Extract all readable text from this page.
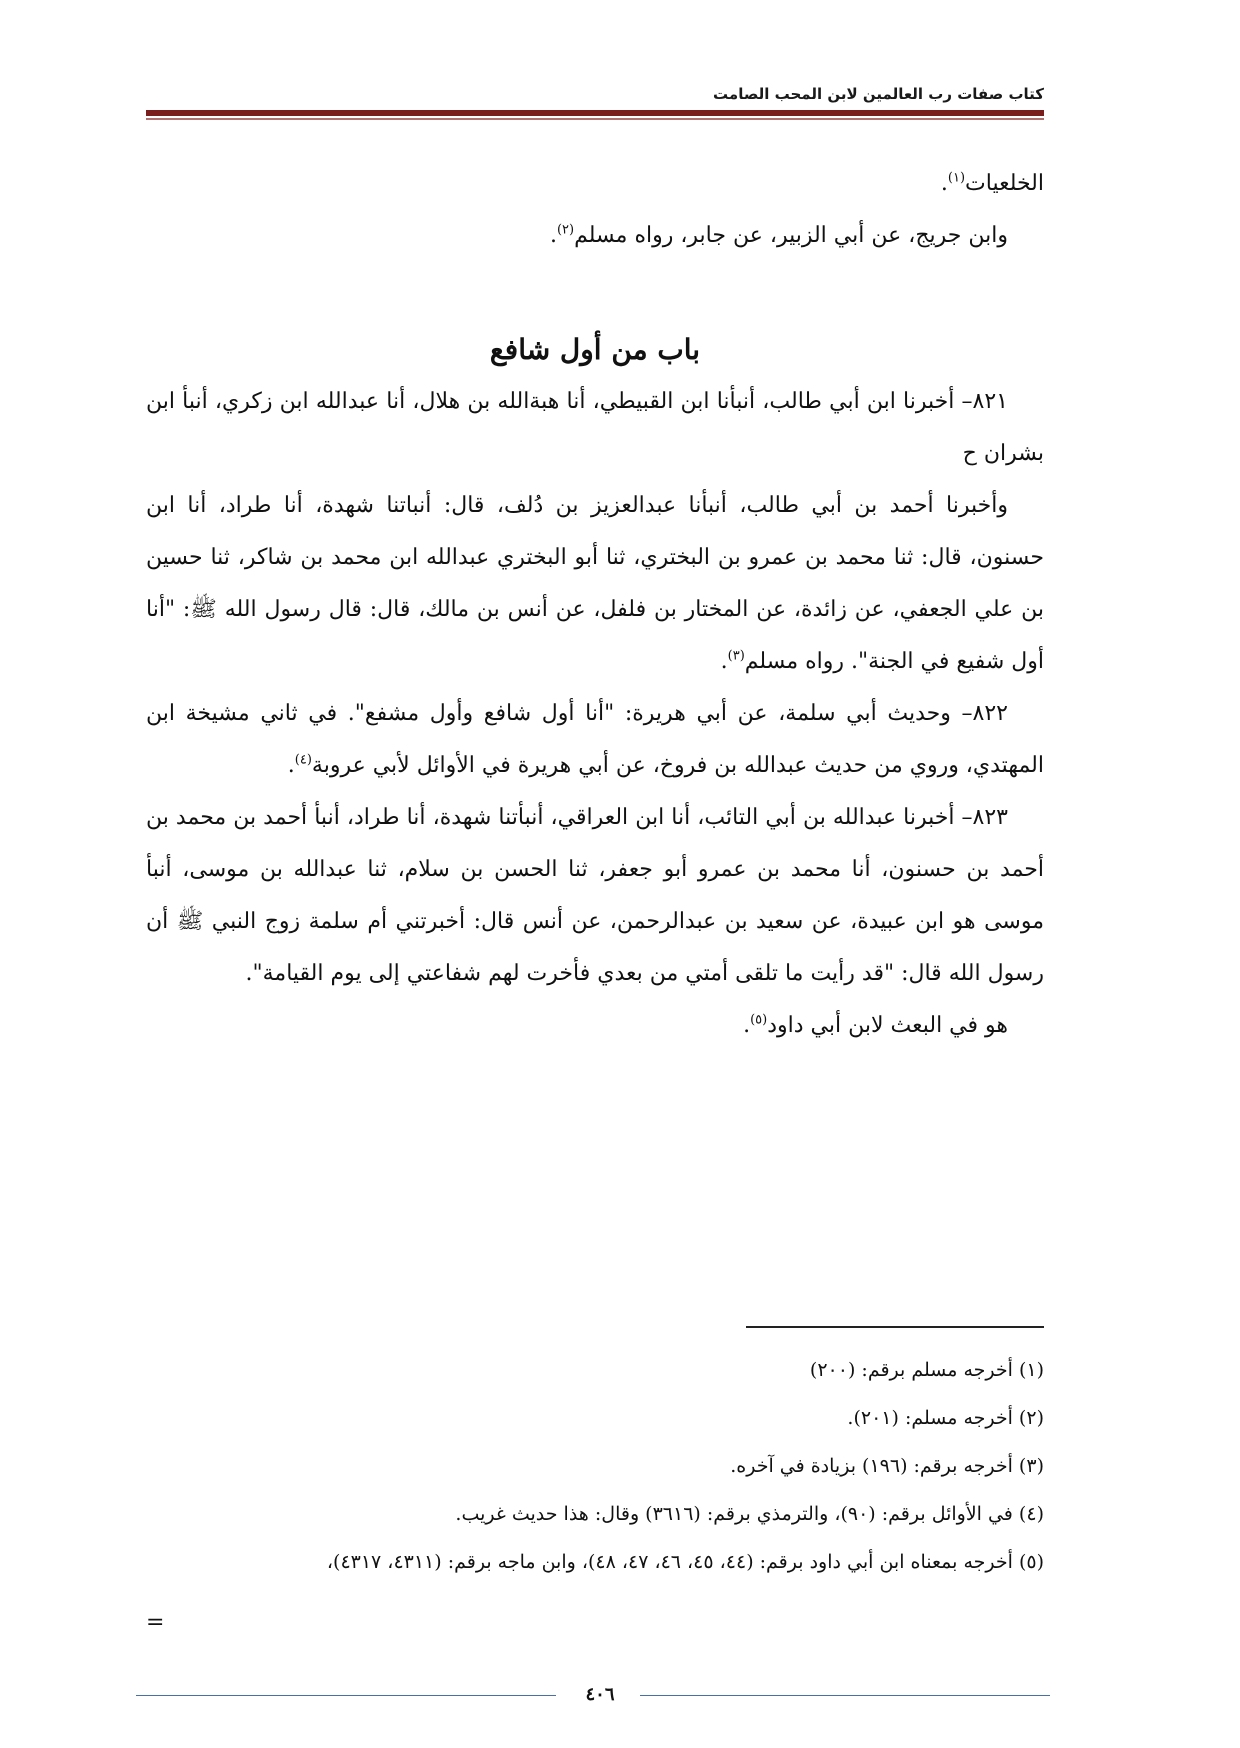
كتاب صفات رب العالمين لابن المحب الصامت

الخلعيات$^{(١)}$.

وابن جريج، عن أبي الزبير، عن جابر، رواه مسلم$^{(٢)}$.

باب من أول شافع

٨٢١– أخبرنا ابن أبي طالب، أنبأنا ابن القبيطي، أنا هبةالله بن هلال، أنا عبدالله ابن زكري، أنبأ ابن بشران ح

وأخبرنا أحمد بن أبي طالب، أنبأنا عبدالعزيز بن دُلف، قال: أنباتنا شهدة، أنا طراد، أنا ابن حسنون، قال: ثنا محمد بن عمرو بن البختري، ثنا أبو البختري عبدالله ابن محمد بن شاكر، ثنا حسين بن علي الجعفي، عن زائدة، عن المختار بن فلفل، عن أنس بن مالك، قال: قال رسول الله ﷺ: "أنا أول شفيع في الجنة". رواه مسلم$^{(٣)}$.

٨٢٢– وحديث أبي سلمة، عن أبي هريرة: "أنا أول شافع وأول مشفع". في ثاني مشيخة ابن المهتدي، وروي من حديث عبدالله بن فروخ، عن أبي هريرة في الأوائل لأبي عروبة$^{(٤)}$.

٨٢٣– أخبرنا عبدالله بن أبي التائب، أنا ابن العراقي، أنبأتنا شهدة، أنا طراد، أنبأ أحمد بن محمد بن أحمد بن حسنون، أنا محمد بن عمرو أبو جعفر، ثنا الحسن بن سلام، ثنا عبدالله بن موسى، أنبأ موسى هو ابن عبيدة، عن سعيد بن عبدالرحمن، عن أنس قال: أخبرتني أم سلمة زوج النبي ﷺ أن رسول الله قال: "قد رأيت ما تلقى أمتي من بعدي فأخرت لهم شفاعتي إلى يوم القيامة".

هو في البعث لابن أبي داود$^{(٥)}$.

(١) أخرجه مسلم برقم: (٢٠٠)

(٢) أخرجه مسلم: (٢٠١).

(٣) أخرجه برقم: (١٩٦) بزيادة في آخره.

(٤) في الأوائل برقم: (٩٠)، والترمذي برقم: (٣٦١٦) وقال: هذا حديث غريب.

(٥) أخرجه بمعناه ابن أبي داود برقم: (٤٤، ٤٥، ٤٦، ٤٧، ٤٨)، وابن ماجه برقم: (٤٣١١، ٤٣١٧)،

=
٤٠٦
